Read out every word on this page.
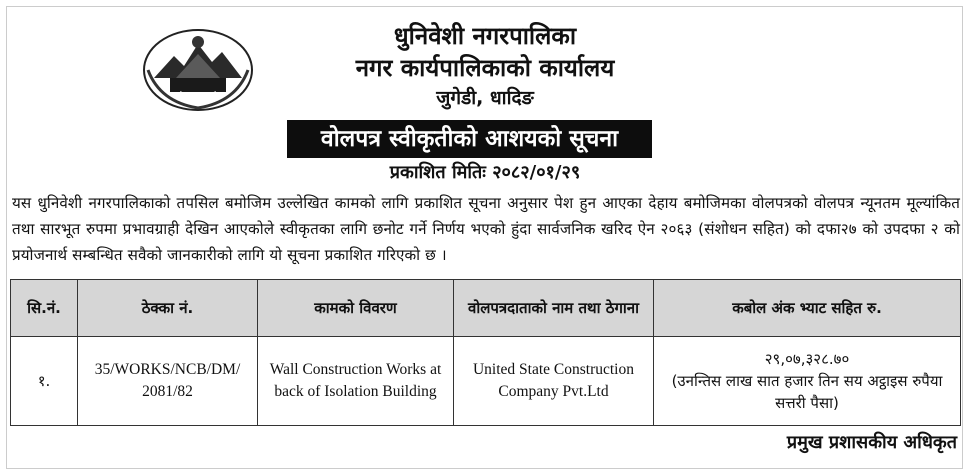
धुनिवेशी नगरपालिका
नगर कार्यपालिकाको कार्यालय
जुगेडी, धादिङ
वोलपत्र स्वीकृतीको आशयको सूचना
प्रकाशित मितिः २०८२/०१/२९
यस धुनिवेशी नगरपालिकाको तपसिल बमोजिम उल्लेखित कामको लागि प्रकाशित सूचना अनुसार पेश हुन आएका देहाय बमोजिमका वोलपत्रको वोलपत्र न्यूनतम मूल्यांकित तथा सारभूत रुपमा प्रभावग्राही देखिन आएकोले स्वीकृतका लागि छनोट गर्ने निर्णय भएको हुंदा सार्वजनिक खरिद ऐन २०६३ (संशोधन सहित) को दफा२७ को उपदफा २ को प्रयोजनार्थ सम्बन्धित सवैको जानकारीको लागि यो सूचना प्रकाशित गरिएको छ ।
सि.नं.	ठेक्का नं.	कामको विवरण	वोलपत्रदाताको नाम तथा ठेगाना	कबोल अंक भ्याट सहित रु.
१.	35/WORKS/NCB/DM/ 2081/82	Wall Construction Works at back of Isolation Building	United State Construction Company Pvt.Ltd	२९,०७,३२८.७०
(उनन्तिस लाख सात हजार तिन सय अट्ठाइस रुपैया सत्तरी पैसा)
प्रमुख प्रशासकीय अधिकृत
